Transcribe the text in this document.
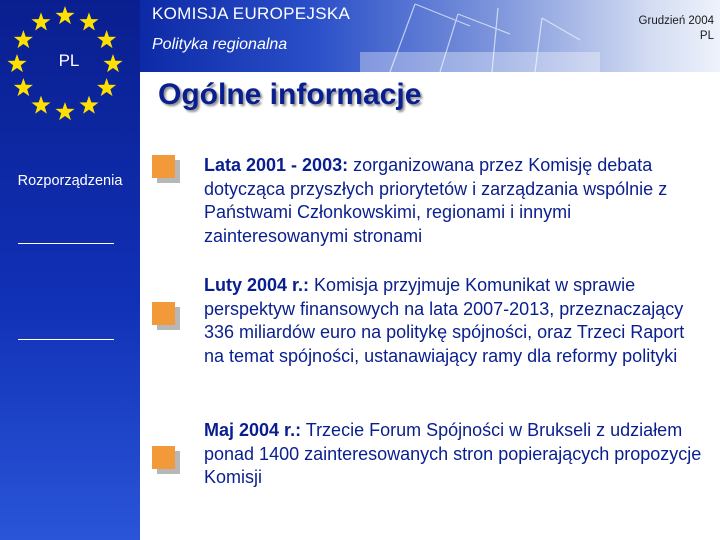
PL
Rozporządzenia
KOMISJA EUROPEJSKA
Polityka regionalna
Grudzień 2004
PL
Ogólne informacje
Lata 2001 - 2003: zorganizowana przez Komisję debata dotycząca przyszłych priorytetów i zarządzania wspólnie z Państwami Członkowskimi, regionami i innymi zainteresowanymi stronami
Luty 2004 r.: Komisja przyjmuje Komunikat w sprawie perspektyw finansowych na lata 2007-2013, przeznaczający 336 miliardów euro na politykę spójności, oraz Trzeci Raport na temat spójności, ustanawiający ramy dla reformy polityki
Maj 2004 r.: Trzecie Forum Spójności w Brukseli z udziałem ponad 1400 zainteresowanych stron popierających propozycje Komisji
